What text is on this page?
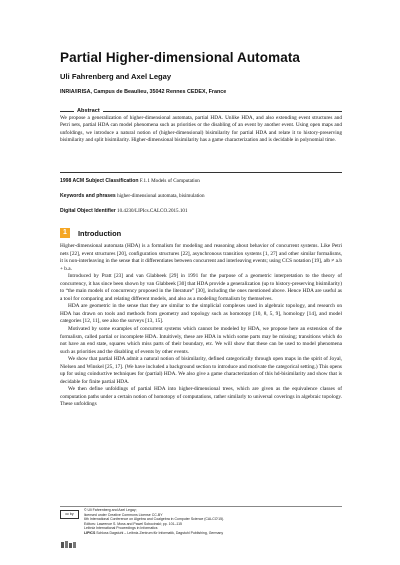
Partial Higher-dimensional Automata
Uli Fahrenberg and Axel Legay
INRIA/IRISA, Campus de Beaulieu, 35042 Rennes CEDEX, France
Abstract

We propose a generalization of higher-dimensional automata, partial HDA. Unlike HDA, and also extending event structures and Petri nets, partial HDA can model phenomena such as priorities or the disabling of an event by another event. Using open maps and unfoldings, we introduce a natural notion of (higher-dimensional) bisimilarity for partial HDA and relate it to history-preserving bisimilarity and split bisimilarity. Higher-dimensional bisimilarity has a game characterization and is decidable in polynomial time.

1998 ACM Subject Classification F.1.1 Models of Computation
Keywords and phrases higher-dimensional automata, bisimulation
Digital Object Identifier 10.4230/LIPIcs.CALCO.2015.101
1	Introduction

Higher-dimensional automata (HDA) is a formalism for modeling and reasoning about behavior of concurrent systems. Like Petri nets [22], event structures [20], configuration structures [22], asynchronous transition systems [1, 27] and other similar formalisms, it is non-interleaving in the sense that it differentiates between concurrent and interleaving events; using CCS notation [19], a‖b ≠ a.b + b.a.

Introduced by Pratt [23] and van Glabbeek [29] in 1991 for the purpose of a geometric interpretation to the theory of concurrency, it has since been shown by van Glabbeek [30] that HDA provide a generalization (up to history-preserving bisimilarity) to “the main models of concurrency proposed in the literature” [30], including the ones mentioned above. Hence HDA are useful as a tool for comparing and relating different models, and also as a modeling formalism by themselves.

HDA are geometric in the sense that they are similar to the simplicial complexes used in algebraic topology, and research on HDA has drawn on tools and methods from geometry and topology such as homotopy [10, 8, 5, 9], homology [14], and model categories [12, 11], see also the surveys [13, 15].

Motivated by some examples of concurrent systems which cannot be modeled by HDA, we propose here an extension of the formalism, called partial or incomplete HDA. Intuitively, these are HDA in which some parts may be missing; transitions which do not have an end state, squares which miss parts of their boundary, etc. We will show that these can be used to model phenomena such as priorities and the disabling of events by other events.

We show that partial HDA admit a natural notion of bisimilarity, defined categorically through open maps in the spirit of Joyal, Nielsen and Winskel [25, 17]. (We have included a background section to introduce and motivate the categorical setting.) This opens up for using coinductive techniques for (partial) HDA. We also give a game characterization of this hd-bisimilarity and show that is decidable for finite partial HDA.

We then define unfoldings of partial HDA into higher-dimensional trees, which are given as the equivalence classes of computation paths under a certain notion of homotopy of computations, rather similarly to universal coverings in algebraic topology. These unfoldings

cc by
© Uli Fahrenberg and Axel Legay;
licensed under Creative Commons License CC-BY
6th International Conference on Algebra and Coalgebra in Computer Science (CALCO'15).
Editors: Lawrence S. Moss and Pawel Sobocinski; pp. 101–115
Leibniz International Proceedings in Informatics
LIPICS Schloss Dagstuhl – Leibniz-Zentrum für Informatik, Dagstuhl Publishing, Germany
